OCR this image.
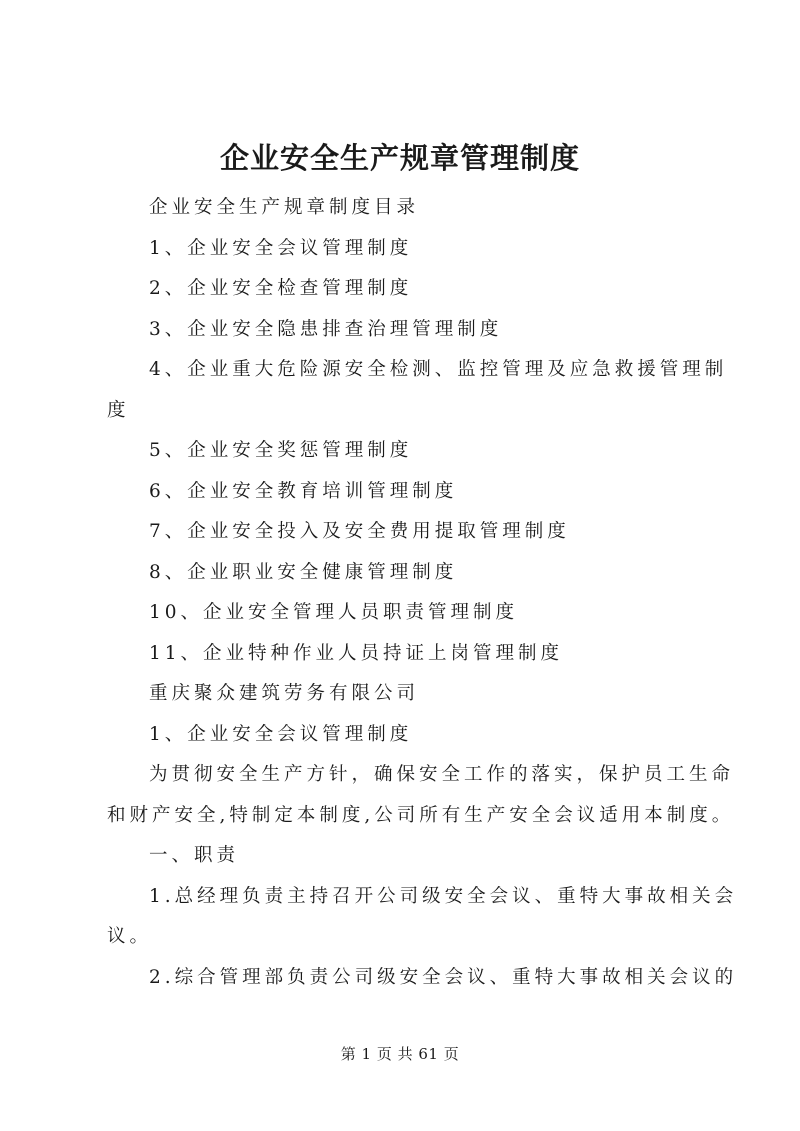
企业安全生产规章管理制度

企业安全生产规章制度目录

1、企业安全会议管理制度

2、企业安全检查管理制度

3、企业安全隐患排查治理管理制度

4、企业重大危险源安全检测、监控管理及应急救援管理制

度

5、企业安全奖惩管理制度

6、企业安全教育培训管理制度

7、企业安全投入及安全费用提取管理制度

8、企业职业安全健康管理制度

10、企业安全管理人员职责管理制度

11、企业特种作业人员持证上岗管理制度

重庆聚众建筑劳务有限公司

1、企业安全会议管理制度

为贯彻安全生产方针，确保安全工作的落实，保护员工生命

和财产安全,特制定本制度,公司所有生产安全会议适用本制度。

一、职责

1.总经理负责主持召开公司级安全会议、重特大事故相关会

议。

2.综合管理部负责公司级安全会议、重特大事故相关会议的

第 1 页 共 61 页
